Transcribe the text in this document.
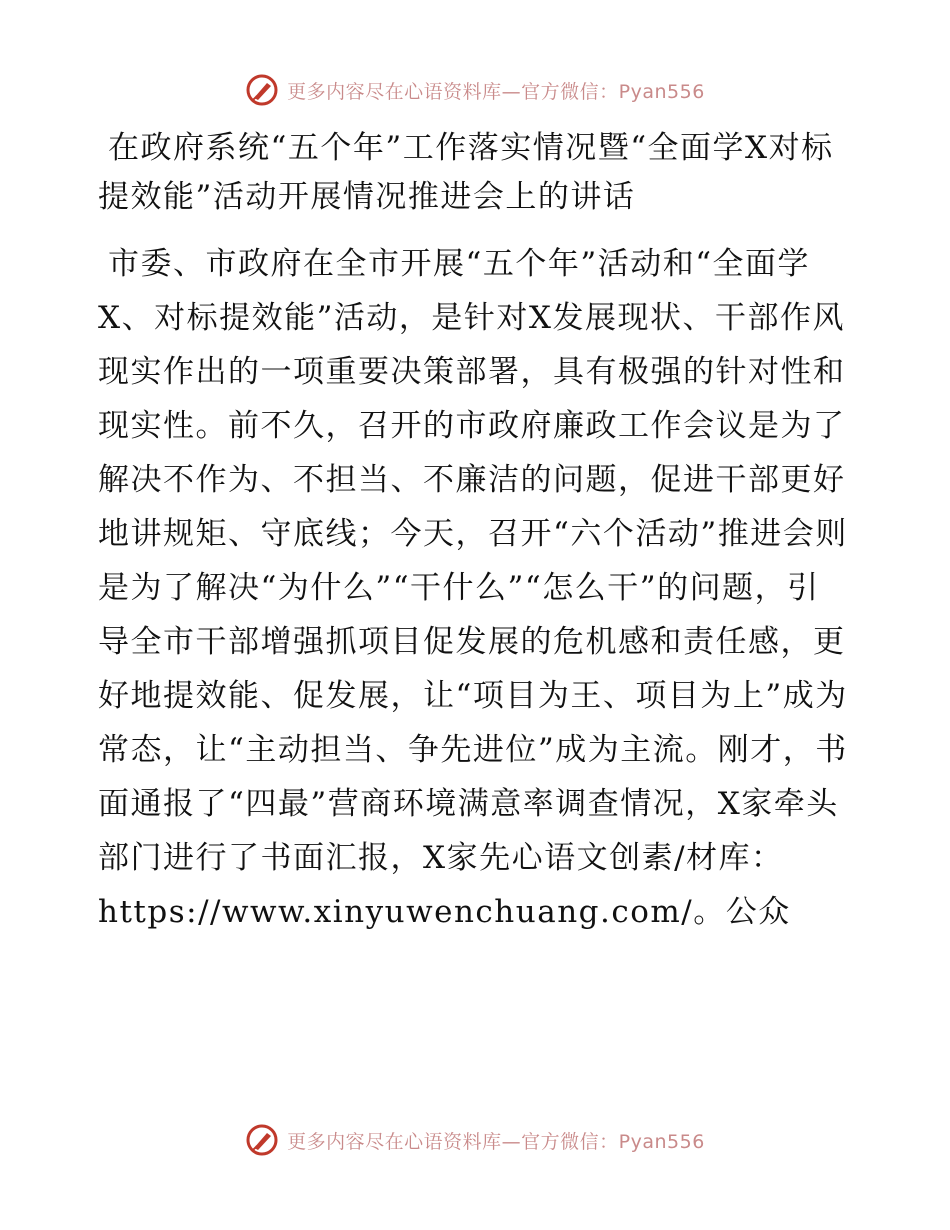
更多内容尽在心语资料库—官方微信：Pyan556
在政府系统“五个年”工作落实情况暨“全面学X对标提效能”活动开展情况推进会上的讲话

市委、市政府在全市开展“五个年”活动和“全面学X、对标提效能”活动，是针对X发展现状、干部作风现实作出的一项重要决策部署，具有极强的针对性和现实性。前不久，召开的市政府廉政工作会议是为了解决不作为、不担当、不廉洁的问题，促进干部更好地讲规矩、守底线；今天，召开“六个活动”推进会则是为了解决“为什么”“干什么”“怎么干”的问题，引导全市干部增强抓项目促发展的危机感和责任感，更好地提效能、促发展，让“项目为王、项目为上”成为常态，让“主动担当、争先进位”成为主流。刚才，书面通报了“四最”营商环境满意率调查情况，X家牵头部门进行了书面汇报，X家先心语文创素/材库：https://www.xinyuwenchuang.com/。公众

更多内容尽在心语资料库—官方微信：Pyan556
